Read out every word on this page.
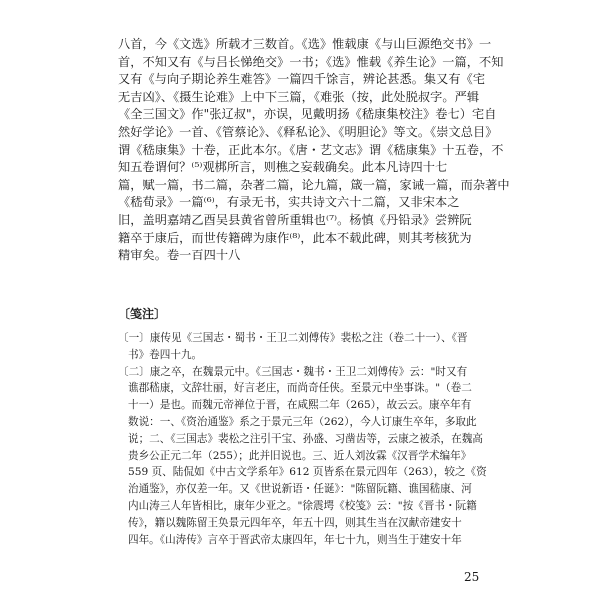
八首，今《文选》所载才三数首。《选》惟载康《与山巨源绝交书》一
首，不知又有《与吕长悌绝交》一书；《选》惟载《养生论》一篇，不知
又有《与向子期论养生难答》一篇四千馀言，辨论甚悉。集又有《宅
无吉凶》、《摄生论难》上中下三篇，《难张（按，此处脱叔字。严辑
《全三国文》作"张辽叔"，亦误，见戴明扬《嵇康集校注》卷七）宅自
然好学论》一首、《管蔡论》、《释私论》、《明胆论》等文。《崇文总目》
谓《嵇康集》十卷，正此本尔。《唐・艺文志》谓《嵇康集》十五卷，不
知五卷谓何？⁽⁵⁾观梆所言，则樵之妄载确矣。此本凡诗四十七
篇，赋一篇，书二篇，杂著二篇，论九篇，箴一篇，家诫一篇，而杂著中
《嵇荀录》一篇⁽⁶⁾，有录无书，实共诗文六十二篇，又非宋本之
旧，盖明嘉靖乙酉吴县黄省曾所重辑也⁽⁷⁾。杨慎《丹铅录》尝辨阮
籍卒于康后，而世传籍碑为康作⁽⁸⁾，此本不载此碑，则其考核犹为
精审矣。卷一百四十八
〔笺注〕
〔一〕康传见《三国志・蜀书・王卫二刘傅传》裴松之注（卷二十一）、《晋
书》卷四十九。
〔二〕康之卒，在魏景元中。《三国志・魏书・王卫二刘傅传》云："时又有
谯郡嵇康，文辞壮丽，好言老庄，而尚奇任侠。至景元中坐事诛。"（卷二
十一）是也。而魏元帝禅位于晋，在咸熙二年（265），故云云。康卒年有
数说：一、《资治通鉴》系之于景元三年（262），今人订康生卒年，多取此
说；二、《三国志》裴松之注引干宝、孙盛、习凿齿等，云康之被杀，在魏高
贵乡公正元二年（255）；此并旧说也。三、近人刘汝霖《汉晋学术编年》
559 页、陆侃如《中古文学系年》612 页皆系在景元四年（263），较之《资
治通鉴》，亦仅差一年。又《世说新语・任诞》："陈留阮籍、谯国嵇康、河
内山涛三人年皆相比，康年少亚之。"徐震堮《校笺》云："按《晋书・阮籍
传》，籍以魏陈留王奂景元四年卒，年五十四，则其生当在汉献帝建安十
四年。《山涛传》言卒于晋武帝太康四年，年七十九，则当生于建安十年
25
